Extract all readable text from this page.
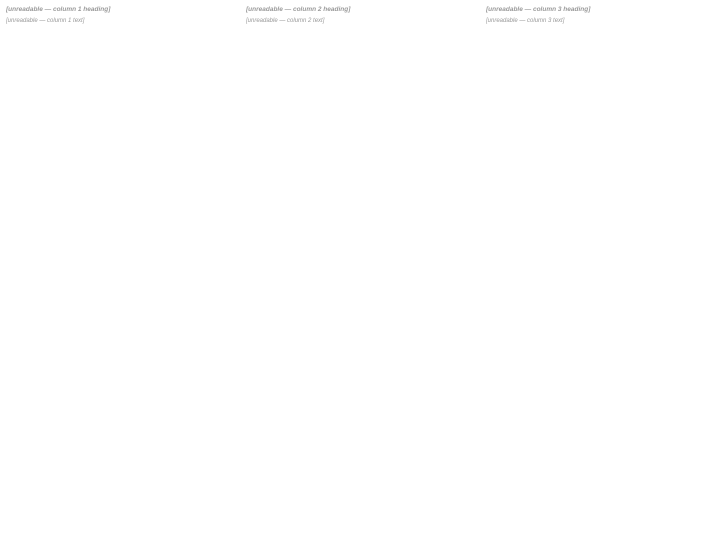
[unreadable — column 1 heading]
[unreadable — column 1 text]
[unreadable — column 2 heading]
[unreadable — column 2 text]
[unreadable — column 3 heading]
[unreadable — column 3 text]
